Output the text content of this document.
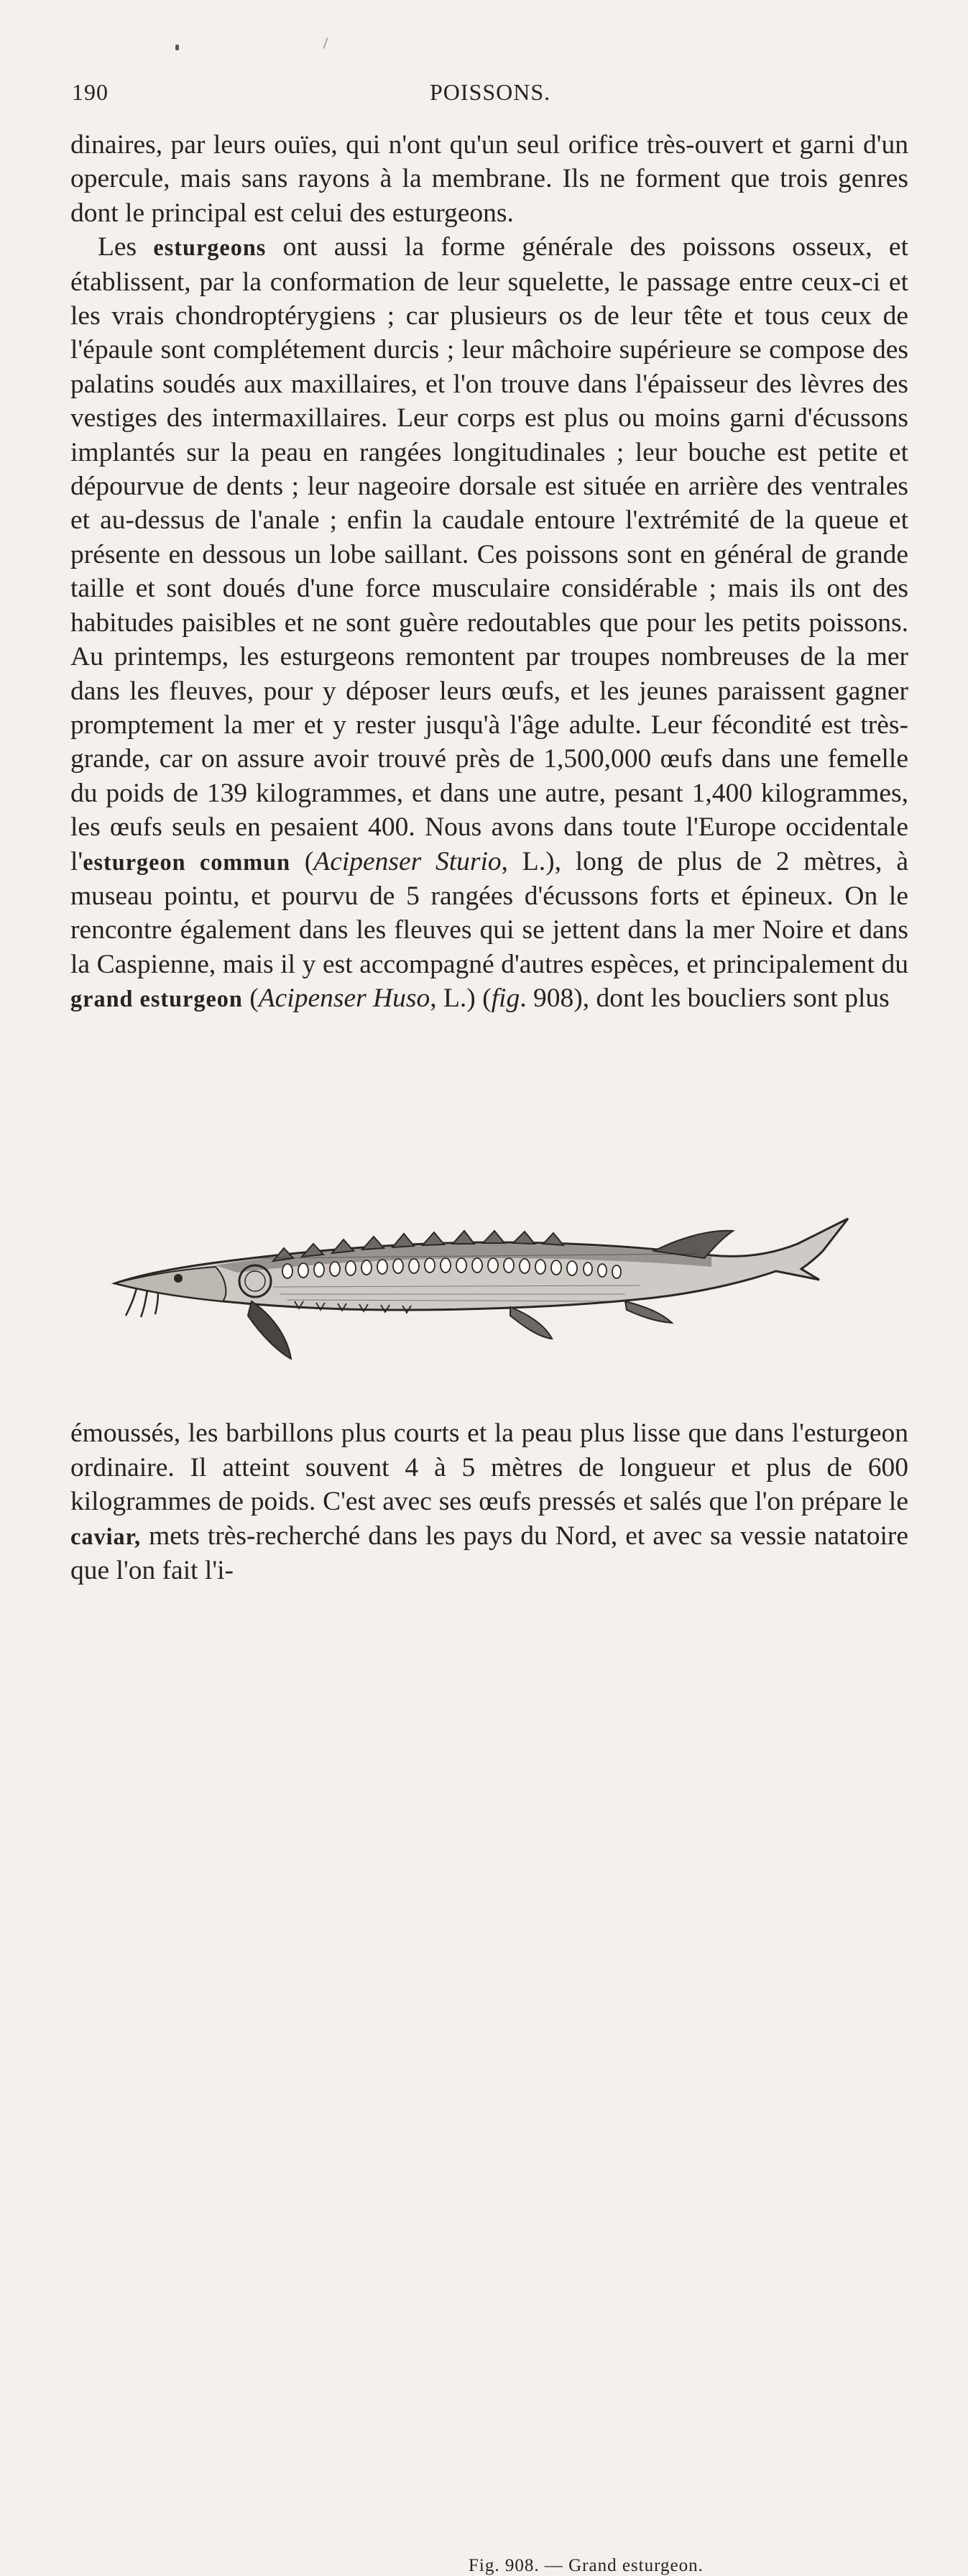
190	POISSONS.

dinaires, par leurs ouïes, qui n'ont qu'un seul orifice très-ouvert et garni d'un opercule, mais sans rayons à la membrane. Ils ne forment que trois genres dont le principal est celui des esturgeons.

Les esturgeons ont aussi la forme générale des poissons osseux, et établissent, par la conformation de leur squelette, le passage entre ceux-ci et les vrais chondroptérygiens ; car plusieurs os de leur tête et tous ceux de l'épaule sont complétement durcis ; leur mâchoire supérieure se compose des palatins soudés aux maxillaires, et l'on trouve dans l'épaisseur des lèvres des vestiges des intermaxillaires. Leur corps est plus ou moins garni d'écussons implantés sur la peau en rangées longitudinales ; leur bouche est petite et dépourvue de dents ; leur nageoire dorsale est située en arrière des ventrales et au-dessus de l'anale ; enfin la caudale entoure l'extrémité de la queue et présente en dessous un lobe saillant. Ces poissons sont en général de grande taille et sont doués d'une force musculaire considérable ; mais ils ont des habitudes paisibles et ne sont guère redoutables que pour les petits poissons. Au printemps, les esturgeons remontent par troupes nombreuses de la mer dans les fleuves, pour y déposer leurs œufs, et les jeunes paraissent gagner promptement la mer et y rester jusqu'à l'âge adulte. Leur fécondité est très-grande, car on assure avoir trouvé près de 1,500,000 œufs dans une femelle du poids de 139 kilogrammes, et dans une autre, pesant 1,400 kilogrammes, les œufs seuls en pesaient 400. Nous avons dans toute l'Europe occidentale l'esturgeon commun (Acipenser Sturio, L.), long de plus de 2 mètres, à museau pointu, et pourvu de 5 rangées d'écussons forts et épineux. On le rencontre également dans les fleuves qui se jettent dans la mer Noire et dans la Caspienne, mais il y est accompagné d'autres espèces, et principalement du grand esturgeon (Acipenser Huso, L.) (fig. 908), dont les boucliers sont plus

Fig. 908. — Grand esturgeon.

émoussés, les barbillons plus courts et la peau plus lisse que dans l'esturgeon ordinaire. Il atteint souvent 4 à 5 mètres de longueur et plus de 600 kilogrammes de poids. C'est avec ses œufs pressés et salés que l'on prépare le caviar, mets très-recherché dans les pays du Nord, et avec sa vessie natatoire que l'on fait l'i-
